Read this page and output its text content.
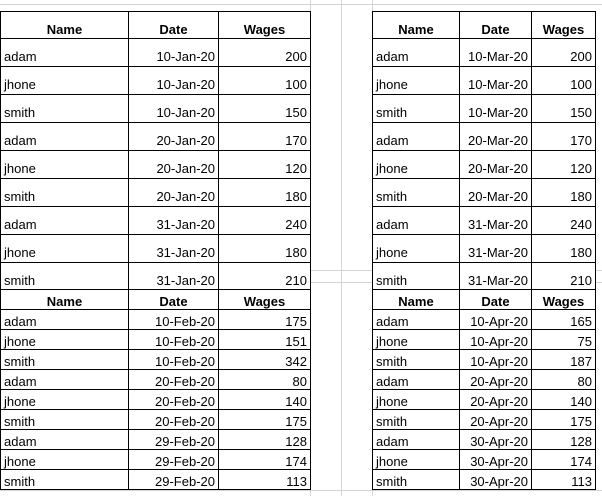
Name	Date	Wages
adam	10-Jan-20	200
jhone	10-Jan-20	100
smith	10-Jan-20	150
adam	20-Jan-20	170
jhone	20-Jan-20	120
smith	20-Jan-20	180
adam	31-Jan-20	240
jhone	31-Jan-20	180
smith	31-Jan-20	210
Name	Date	Wages
adam	10-Mar-20	200
jhone	10-Mar-20	100
smith	10-Mar-20	150
adam	20-Mar-20	170
jhone	20-Mar-20	120
smith	20-Mar-20	180
adam	31-Mar-20	240
jhone	31-Mar-20	180
smith	31-Mar-20	210
Name	Date	Wages
adam	10-Feb-20	175
jhone	10-Feb-20	151
smith	10-Feb-20	342
adam	20-Feb-20	80
jhone	20-Feb-20	140
smith	20-Feb-20	175
adam	29-Feb-20	128
jhone	29-Feb-20	174
smith	29-Feb-20	113
Name	Date	Wages
adam	10-Apr-20	165
jhone	10-Apr-20	75
smith	10-Apr-20	187
adam	20-Apr-20	80
jhone	20-Apr-20	140
smith	20-Apr-20	175
adam	30-Apr-20	128
jhone	30-Apr-20	174
smith	30-Apr-20	113
